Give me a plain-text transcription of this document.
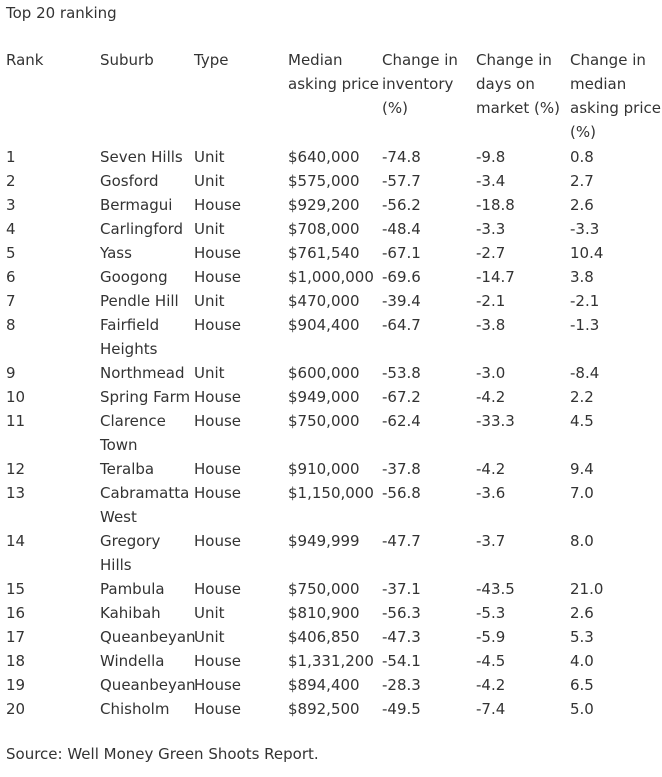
Top 20 ranking
Rank	Suburb	Type	Median asking price	Change in inventory (%)	Change in days on market (%)	Change in median asking price (%)
1	Seven Hills	Unit	$640,000	-74.8	-9.8	0.8
2	Gosford	Unit	$575,000	-57.7	-3.4	2.7
3	Bermagui	House	$929,200	-56.2	-18.8	2.6
4	Carlingford	Unit	$708,000	-48.4	-3.3	-3.3
5	Yass	House	$761,540	-67.1	-2.7	10.4
6	Googong	House	$1,000,000	-69.6	-14.7	3.8
7	Pendle Hill	Unit	$470,000	-39.4	-2.1	-2.1
8	Fairfield Heights	House	$904,400	-64.7	-3.8	-1.3
9	Northmead	Unit	$600,000	-53.8	-3.0	-8.4
10	Spring Farm	House	$949,000	-67.2	-4.2	2.2
11	Clarence Town	House	$750,000	-62.4	-33.3	4.5
12	Teralba	House	$910,000	-37.8	-4.2	9.4
13	Cabramatta West	House	$1,150,000	-56.8	-3.6	7.0
14	Gregory Hills	House	$949,999	-47.7	-3.7	8.0
15	Pambula	House	$750,000	-37.1	-43.5	21.0
16	Kahibah	Unit	$810,900	-56.3	-5.3	2.6
17	Queanbeyan	Unit	$406,850	-47.3	-5.9	5.3
18	Windella	House	$1,331,200	-54.1	-4.5	4.0
19	Queanbeyan	House	$894,400	-28.3	-4.2	6.5
20	Chisholm	House	$892,500	-49.5	-7.4	5.0
Source: Well Money Green Shoots Report.
